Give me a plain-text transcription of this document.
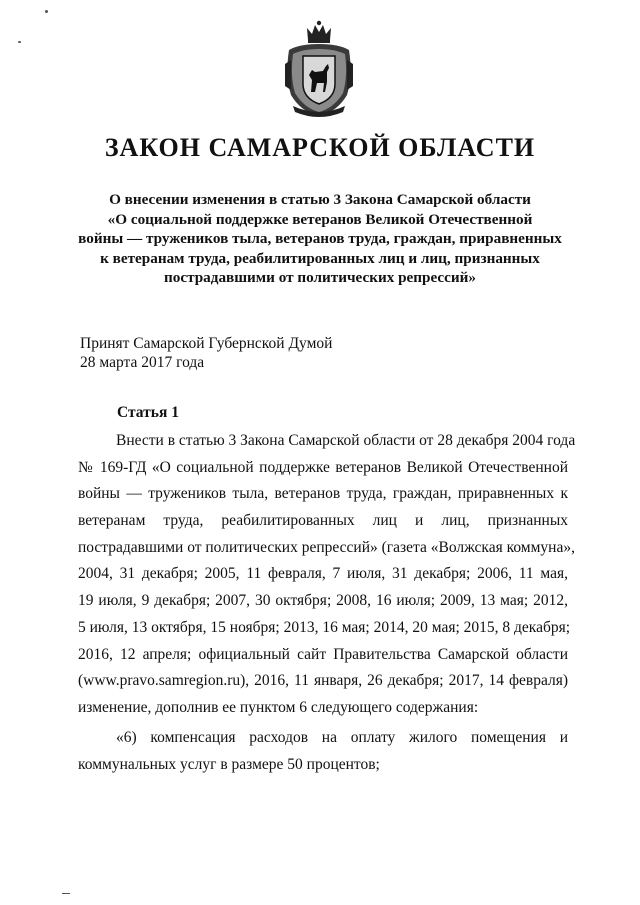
ЗАКОН САМАРСКОЙ ОБЛАСТИ
О внесении изменения в статью 3 Закона Самарской области
«О социальной поддержке ветеранов Великой Отечественной
войны — тружеников тыла, ветеранов труда, граждан, приравненных
к ветеранам труда, реабилитированных лиц и лиц, признанных
пострадавшими от политических репрессий»
Принят Самарской Губернской Думой
28 марта 2017 года
Статья 1
Внести в статью 3 Закона Самарской области от 28 декабря 2004 года
№ 169-ГД «О социальной поддержке ветеранов Великой Отечественной
войны — тружеников тыла, ветеранов труда, граждан, приравненных к
ветеранам труда, реабилитированных лиц и лиц, признанных
пострадавшими от политических репрессий» (газета «Волжская коммуна»,
2004, 31 декабря; 2005, 11 февраля, 7 июля, 31 декабря; 2006, 11 мая,
19 июля, 9 декабря; 2007, 30 октября; 2008, 16 июля; 2009, 13 мая; 2012,
5 июля, 13 октября, 15 ноября; 2013, 16 мая; 2014, 20 мая; 2015, 8 декабря;
2016, 12 апреля; официальный сайт Правительства Самарской области
(www.pravo.samregion.ru), 2016, 11 января, 26 декабря; 2017, 14 февраля)
изменение, дополнив ее пунктом 6 следующего содержания:
«6) компенсация расходов на оплату жилого помещения и
коммунальных услуг в размере 50 процентов;
